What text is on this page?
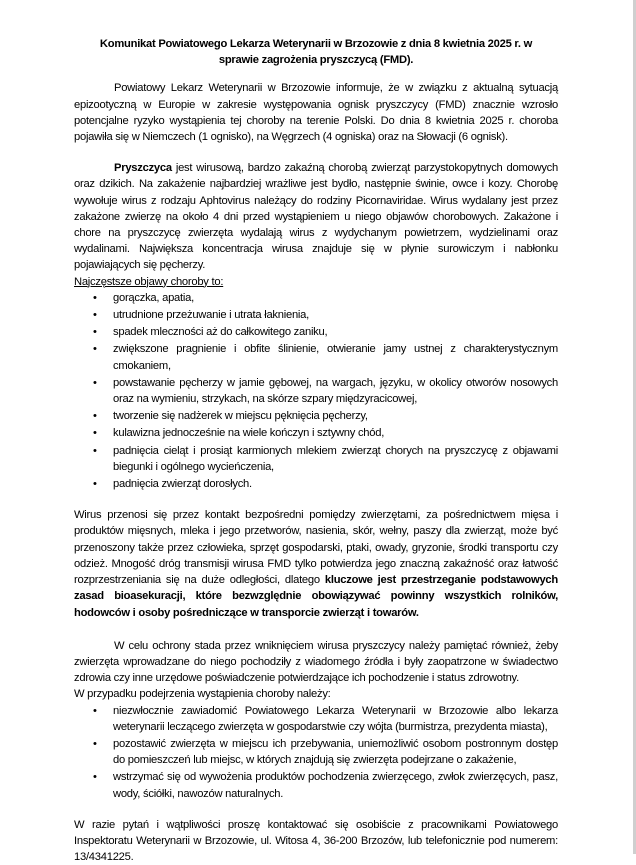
Komunikat Powiatowego Lekarza Weterynarii w Brzozowie z dnia 8 kwietnia 2025 r. w sprawie zagrożenia pryszczycą (FMD).

Powiatowy Lekarz Weterynarii w Brzozowie informuje, że w związku z aktualną sytuacją epizootyczną w Europie w zakresie występowania ognisk pryszczycy (FMD) znacznie wzrosło potencjalne ryzyko wystąpienia tej choroby na terenie Polski. Do dnia 8 kwietnia 2025 r. choroba pojawiła się w Niemczech (1 ognisko), na Węgrzech (4 ogniska) oraz na Słowacji (6 ognisk).

Pryszczyca jest wirusową, bardzo zakaźną chorobą zwierząt parzystokopytnych domowych oraz dzikich. Na zakażenie najbardziej wrażliwe jest bydło, następnie świnie, owce i kozy. Chorobę wywołuje wirus z rodzaju Aphtovirus należący do rodziny Picornaviridae. Wirus wydalany jest przez zakażone zwierzę na około 4 dni przed wystąpieniem u niego objawów chorobowych. Zakażone i chore na pryszczycę zwierzęta wydalają wirus z wydychanym powietrzem, wydzielinami oraz wydalinami. Największa koncentracja wirusa znajduje się w płynie surowiczym i nabłonku pojawiających się pęcherzy.

Najczęstsze objawy choroby to:

• gorączka, apatia,
• utrudnione przeżuwanie i utrata łaknienia,
• spadek mleczności aż do całkowitego zaniku,
• zwiększone pragnienie i obfite ślinienie, otwieranie jamy ustnej z charakterystycznym cmokaniem,
• powstawanie pęcherzy w jamie gębowej, na wargach, języku, w okolicy otworów nosowych oraz na wymieniu, strzykach, na skórze szpary międzyracicowej,
• tworzenie się nadżerek w miejscu pęknięcia pęcherzy,
• kulawizna jednocześnie na wiele kończyn i sztywny chód,
• padnięcia cieląt i prosiąt karmionych mlekiem zwierząt chorych na pryszczycę z objawami biegunki i ogólnego wycieńczenia,
• padnięcia zwierząt dorosłych.

Wirus przenosi się przez kontakt bezpośredni pomiędzy zwierzętami, za pośrednictwem mięsa i produktów mięsnych, mleka i jego przetworów, nasienia, skór, wełny, paszy dla zwierząt, może być przenoszony także przez człowieka, sprzęt gospodarski, ptaki, owady, gryzonie, środki transportu czy odzież. Mnogość dróg transmisji wirusa FMD tylko potwierdza jego znaczną zakaźność oraz łatwość rozprzestrzeniania się na duże odległości, dlatego kluczowe jest przestrzeganie podstawowych zasad bioasekuracji, które bezwzględnie obowiązywać powinny wszystkich rolników, hodowców i osoby pośredniczące w transporcie zwierząt i towarów.

W celu ochrony stada przez wniknięciem wirusa pryszczycy należy pamiętać również, żeby zwierzęta wprowadzane do niego pochodziły z wiadomego źródła i były zaopatrzone w świadectwo zdrowia czy inne urzędowe poświadczenie potwierdzające ich pochodzenie i status zdrowotny.

W przypadku podejrzenia wystąpienia choroby należy:

• niezwłocznie zawiadomić Powiatowego Lekarza Weterynarii w Brzozowie albo lekarza weterynarii leczącego zwierzęta w gospodarstwie czy wójta (burmistrza, prezydenta miasta),
• pozostawić zwierzęta w miejscu ich przebywania, uniemożliwić osobom postronnym dostęp do pomieszczeń lub miejsc, w których znajdują się zwierzęta podejrzane o zakażenie,
• wstrzymać się od wywożenia produktów pochodzenia zwierzęcego, zwłok zwierzęcych, pasz, wody, ściółki, nawozów naturalnych.

W razie pytań i wątpliwości proszę kontaktować się osobiście z pracownikami Powiatowego Inspektoratu Weterynarii w Brzozowie, ul. Witosa 4, 36-200 Brzozów, lub telefonicznie pod numerem: 13/4341225.
